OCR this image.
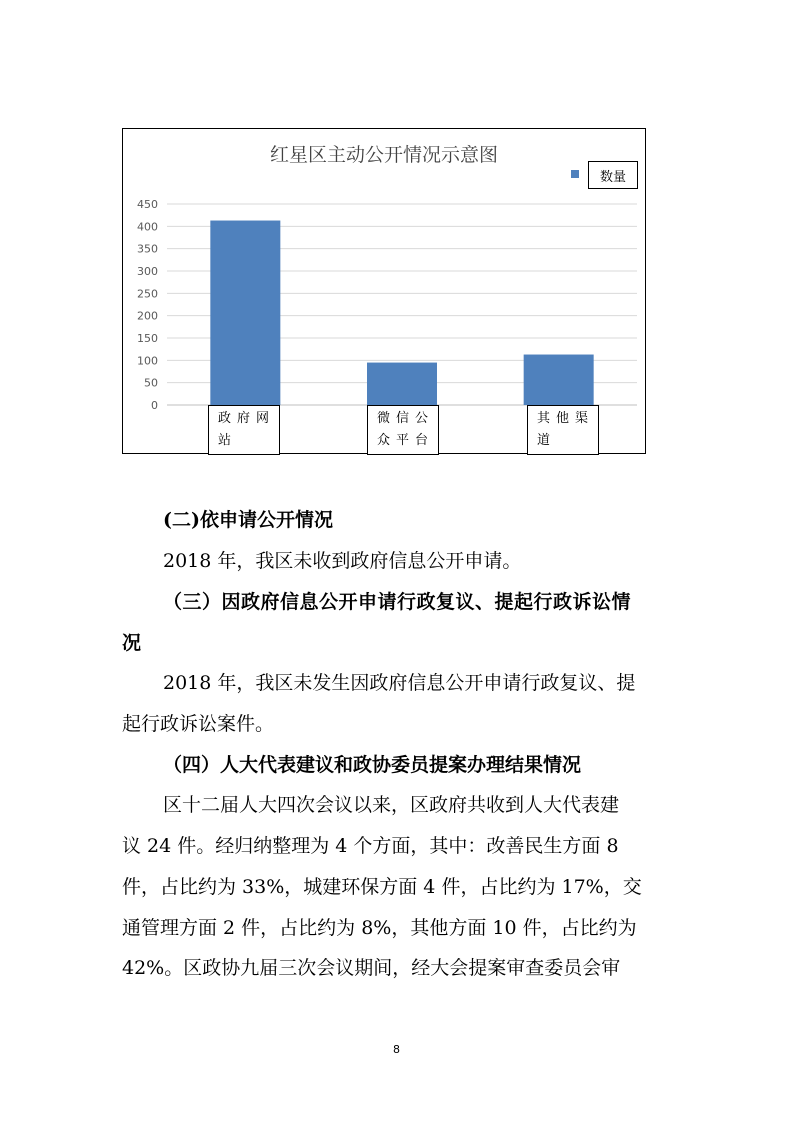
红星区主动公开情况示意图
数量
0
50
100
150
200
250
300
350
400
450
政府网
站
微信公
众平台
其他渠
道
(二)依申请公开情况
2018 年，我区未收到政府信息公开申请。
（三）因政府信息公开申请行政复议、提起行政诉讼情
况
2018 年，我区未发生因政府信息公开申请行政复议、提
起行政诉讼案件。
（四）人大代表建议和政协委员提案办理结果情况
区十二届人大四次会议以来，区政府共收到人大代表建
议 24 件。经归纳整理为 4 个方面，其中：改善民生方面 8
件，占比约为 33%，城建环保方面 4 件，占比约为 17%，交
通管理方面 2 件，占比约为 8%，其他方面 10 件，占比约为
42%。区政协九届三次会议期间，经大会提案审查委员会审
8
